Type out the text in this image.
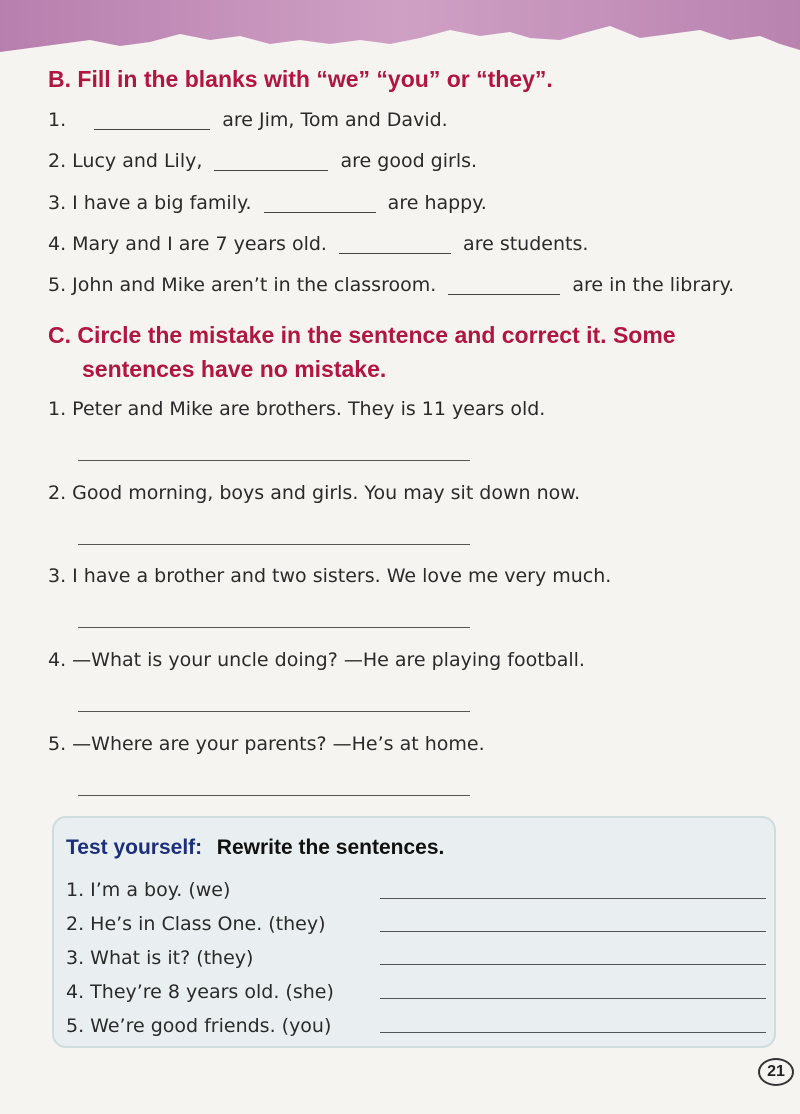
B. Fill in the blanks with “we” “you” or “they”.
1.	are Jim, Tom and David.
2. Lucy and Lily,	are good girls.
3. I have a big family.	are happy.
4. Mary and I are 7 years old.	are students.
5. John and Mike aren’t in the classroom.	are in the library.
C. Circle the mistake in the sentence and correct it. Some
sentences have no mistake.
1. Peter and Mike are brothers. They is 11 years old.
2. Good morning, boys and girls. You may sit down now.
3. I have a brother and two sisters. We love me very much.
4. —What is your uncle doing? —He are playing football.
5. —Where are your parents? —He’s at home.
Test yourself: Rewrite the sentences.
1. I’m a boy. (we)
2. He’s in Class One. (they)
3. What is it? (they)
4. They’re 8 years old. (she)
5. We’re good friends. (you)
21
